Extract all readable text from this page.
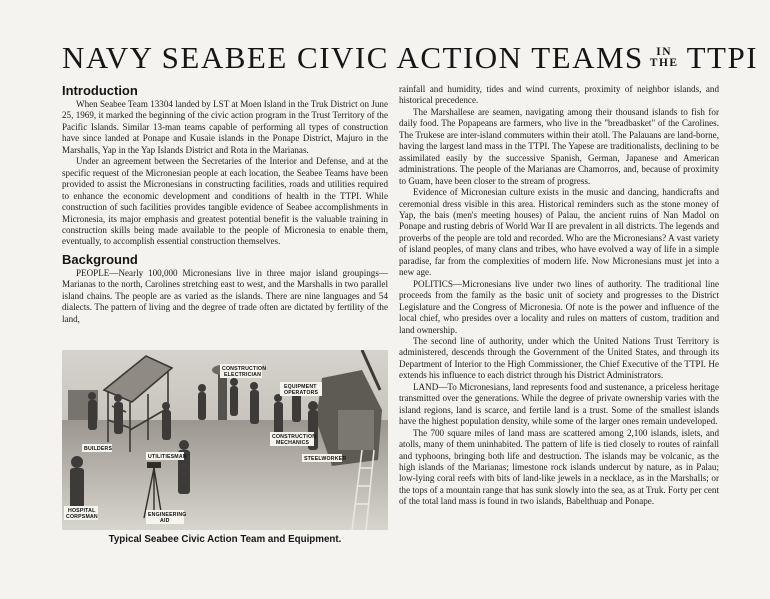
NAVY SEABEE CIVIC ACTION TEAMS IN
THE TTPI
Introduction

When Seabee Team 13304 landed by LST at Moen Island in the Truk District on June 25, 1969, it marked the beginning of the civic action program in the Trust Territory of the Pacific Islands. Similar 13-man teams capable of performing all types of construction have since landed at Ponape and Kusaie islands in the Ponape District, Majuro in the Marshalls, Yap in the Yap Islands District and Rota in the Marianas.

Under an agreement between the Secretaries of the Interior and Defense, and at the specific request of the Micronesian people at each location, the Seabee Teams have been provided to assist the Micronesians in constructing facilities, roads and utilities required to enhance the economic development and conditions of health in the TTPI. While construction of such facilities provides tangible evidence of Seabee accomplishments in Micronesia, its major emphasis and greatest potential benefit is the valuable training in construction skills being made available to the people of Micronesia to enable them, eventually, to accomplish essential construction themselves.

Background

PEOPLE—Nearly 100,000 Micronesians live in three major island groupings—Marianas to the north, Carolines stretching east to west, and the Marshalls in two parallel island chains. The people are as varied as the islands. There are nine languages and 54 dialects. The pattern of living and the degree of trade often are dictated by fertility of the land,

CONSTRUCTION
ELECTRICIAN
EQUIPMENT
OPERATORS
BUILDERS
UTILITIESMAN
CONSTRUCTION
MECHANICS
STEELWORKER
HOSPITAL
CORPSMAN	ENGINEERING
AID
Typical Seabee Civic Action Team and Equipment.

rainfall and humidity, tides and wind currents, proximity of neighbor islands, and historical precedence.

The Marshallese are seamen, navigating among their thousand islands to fish for daily food. The Popapeans are farmers, who live in the "breadbasket" of the Carolines. The Trukese are inter-island commuters within their atoll. The Palauans are land-borne, having the largest land mass in the TTPI. The Yapese are traditionalists, declining to be assimilated easily by the successive Spanish, German, Japanese and American administrations. The people of the Marianas are Chamorros, and, because of proximity to Guam, have been closer to the stream of progress.

Evidence of Micronesian culture exists in the music and dancing, handicrafts and ceremonial dress visible in this area. Historical reminders such as the stone money of Yap, the bais (men's meeting houses) of Palau, the ancient ruins of Nan Madol on Ponape and rusting debris of World War II are prevalent in all districts. The legends and proverbs of the people are told and recorded. Who are the Micronesians? A vast variety of island peoples, of many clans and tribes, who have evolved a way of life in a simple paradise, far from the complexities of modern life. Now Micronesians must jet into a new age.

POLITICS—Micronesians live under two lines of authority. The traditional line proceeds from the family as the basic unit of society and progresses to the District Legislature and the Congress of Micronesia. Of note is the power and influence of the local chief, who presides over a locality and rules on matters of custom, tradition and land ownership.

The second line of authority, under which the United Nations Trust Territory is administered, descends through the Government of the United States, and through its Department of Interior to the High Commissioner, the Chief Executive of the TTPI. He extends his influence to each district through his District Administrators.

LAND—To Micronesians, land represents food and sustenance, a priceless heritage transmitted over the generations. While the degree of private ownership varies with the island regions, land is scarce, and fertile land is a trust. Some of the smallest islands have the highest population density, while some of the larger ones remain undeveloped.

The 700 square miles of land mass are scattered among 2,100 islands, islets, and atolls, many of them uninhabited. The pattern of life is tied closely to routes of rainfall and typhoons, bringing both life and destruction. The islands may be volcanic, as the high islands of the Marianas; limestone rock islands undercut by nature, as in Palau; low-lying coral reefs with bits of land-like jewels in a necklace, as in the Marshalls; or the tops of a mountain range that has sunk slowly into the sea, as at Truk. Forty per cent of the total land mass is found in two islands, Babelthuap and Ponape.
